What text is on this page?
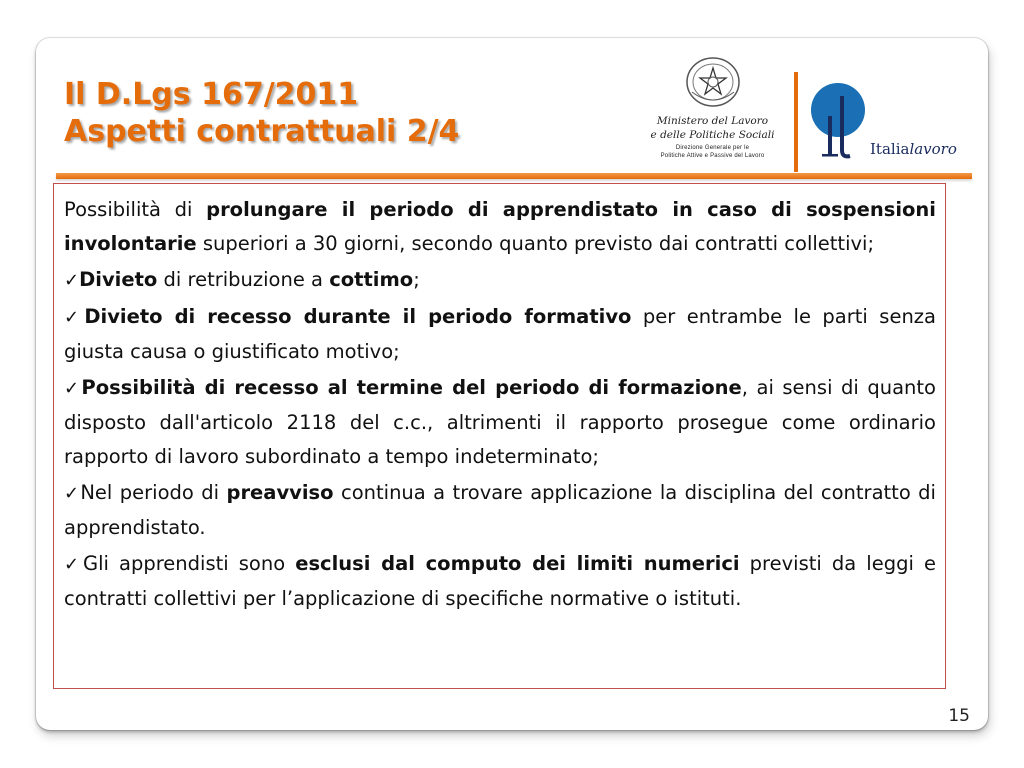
Il D.Lgs 167/2011
Aspetti contrattuali 2/4	Ministero del Lavoro
e delle Politiche Sociali
Direzione Generale per le
Politiche Attive e Passive del Lavoro	Italialavoro

Possibilità di prolungare il periodo di apprendistato in caso di sospensioni involontarie superiori a 30 giorni, secondo quanto previsto dai contratti collettivi;

✓Divieto di retribuzione a cottimo;

✓Divieto di recesso durante il periodo formativo per entrambe le parti senza giusta causa o giustificato motivo;

✓Possibilità di recesso al termine del periodo di formazione, ai sensi di quanto disposto dall'articolo 2118 del c.c., altrimenti il rapporto prosegue come ordinario rapporto di lavoro subordinato a tempo indeterminato;

✓Nel periodo di preavviso continua a trovare applicazione la disciplina del contratto di apprendistato.

✓Gli apprendisti sono esclusi dal computo dei limiti numerici previsti da leggi e contratti collettivi per l’applicazione di specifiche normative o istituti.

15
